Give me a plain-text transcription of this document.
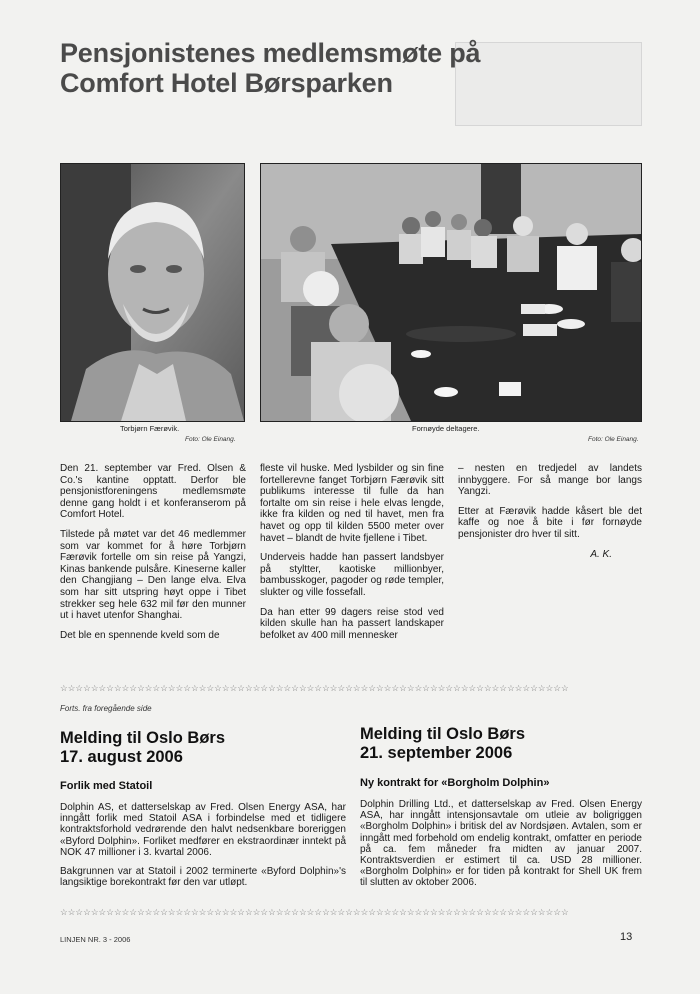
Pensjonistenes medlemsmøte på
Comfort Hotel Børsparken
Torbjørn Færøvik.
Foto: Ole Einang.
Fornøyde deltagere.
Foto: Ole Einang.

Den 21. september var Fred. Olsen & Co.'s kantine opptatt. Derfor ble pensjonistforeningens medlemsmøte denne gang holdt i et konferanserom på Comfort Hotel.

Tilstede på møtet var det 46 medlemmer som var kommet for å høre Torbjørn Færøvik fortelle om sin reise på Yangzi, Kinas bankende pulsåre. Kineserne kaller den Changjiang – Den lange elva. Elva som har sitt utspring høyt oppe i Tibet strekker seg hele 632 mil før den munner ut i havet utenfor Shanghai.

Det ble en spennende kveld som de

fleste vil huske. Med lysbilder og sin fine fortellerevne fanget Torbjørn Færøvik sitt publikums interesse til fulle da han fortalte om sin reise i hele elvas lengde, ikke fra kilden og ned til havet, men fra havet og opp til kilden 5500 meter over havet – blandt de hvite fjellene i Tibet.

Underveis hadde han passert landsbyer på styltter, kaotiske millionbyer, bambusskoger, pagoder og røde templer, slukter og ville fossefall.

Da han etter 99 dagers reise stod ved kilden skulle han ha passert landskaper befolket av 400 mill mennesker

– nesten en tredjedel av landets innbyggere. For så mange bor langs Yangzi.

Etter at Færøvik hadde kåsert ble det kaffe og noe å bite i før fornøyde pensjonister dro hver til sitt.

A. K.
☆☆☆☆☆☆☆☆☆☆☆☆☆☆☆☆☆☆☆☆☆☆☆☆☆☆☆☆☆☆☆☆☆☆☆☆☆☆☆☆☆☆☆☆☆☆☆☆☆☆☆☆☆☆☆☆☆☆☆☆☆☆☆☆☆☆
Forts. fra foregående side
Melding til Oslo Børs
17. august 2006
Forlik med Statoil

Dolphin AS, et datterselskap av Fred. Olsen Energy ASA, har inngått forlik med Statoil ASA i forbindelse med et tidligere kontraktsforhold vedrørende den halvt nedsenkbare boreriggen «Byford Dolphin». Forliket medfører en ekstraordinær inntekt på NOK 47 millioner i 3. kvartal 2006.

Bakgrunnen var at Statoil i 2002 terminerte «Byford Dolphin»'s langsiktige borekontrakt før den var utløpt.

Melding til Oslo Børs
21. september 2006
Ny kontrakt for «Borgholm Dolphin»

Dolphin Drilling Ltd., et datterselskap av Fred. Olsen Energy ASA, har inngått intensjonsavtale om utleie av boligriggen «Borgholm Dolphin» i britisk del av Nordsjøen. Avtalen, som er inngått med forbehold om endelig kontrakt, omfatter en periode på ca. fem måneder fra midten av januar 2007. Kontraktsverdien er estimert til ca. USD 28 millioner. «Borgholm Dolphin» er for tiden på kontrakt for Shell UK frem til slutten av oktober 2006.

☆☆☆☆☆☆☆☆☆☆☆☆☆☆☆☆☆☆☆☆☆☆☆☆☆☆☆☆☆☆☆☆☆☆☆☆☆☆☆☆☆☆☆☆☆☆☆☆☆☆☆☆☆☆☆☆☆☆☆☆☆☆☆☆☆☆
LINJEN NR. 3 - 2006	13
